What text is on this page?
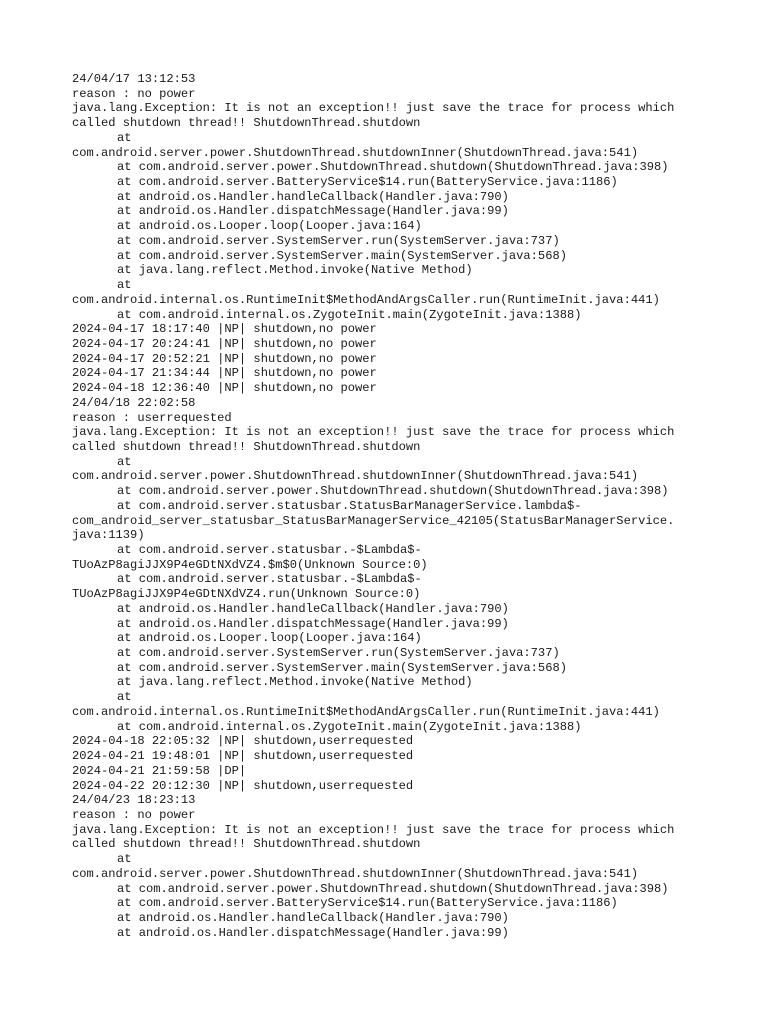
24/04/17 13:12:53
reason : no power
java.lang.Exception: It is not an exception!! just save the trace for process which
called shutdown thread!! ShutdownThread.shutdown
at
com.android.server.power.ShutdownThread.shutdownInner(ShutdownThread.java:541)
at com.android.server.power.ShutdownThread.shutdown(ShutdownThread.java:398)
at com.android.server.BatteryService$14.run(BatteryService.java:1186)
at android.os.Handler.handleCallback(Handler.java:790)
at android.os.Handler.dispatchMessage(Handler.java:99)
at android.os.Looper.loop(Looper.java:164)
at com.android.server.SystemServer.run(SystemServer.java:737)
at com.android.server.SystemServer.main(SystemServer.java:568)
at java.lang.reflect.Method.invoke(Native Method)
at
com.android.internal.os.RuntimeInit$MethodAndArgsCaller.run(RuntimeInit.java:441)
at com.android.internal.os.ZygoteInit.main(ZygoteInit.java:1388)
2024-04-17 18:17:40 |NP| shutdown,no power
2024-04-17 20:24:41 |NP| shutdown,no power
2024-04-17 20:52:21 |NP| shutdown,no power
2024-04-17 21:34:44 |NP| shutdown,no power
2024-04-18 12:36:40 |NP| shutdown,no power
24/04/18 22:02:58
reason : userrequested
java.lang.Exception: It is not an exception!! just save the trace for process which
called shutdown thread!! ShutdownThread.shutdown
at
com.android.server.power.ShutdownThread.shutdownInner(ShutdownThread.java:541)
at com.android.server.power.ShutdownThread.shutdown(ShutdownThread.java:398)
at com.android.server.statusbar.StatusBarManagerService.lambda$-
com_android_server_statusbar_StatusBarManagerService_42105(StatusBarManagerService.
java:1139)
at com.android.server.statusbar.-$Lambda$-
TUoAzP8agiJJX9P4eGDtNXdVZ4.$m$0(Unknown Source:0)
at com.android.server.statusbar.-$Lambda$-
TUoAzP8agiJJX9P4eGDtNXdVZ4.run(Unknown Source:0)
at android.os.Handler.handleCallback(Handler.java:790)
at android.os.Handler.dispatchMessage(Handler.java:99)
at android.os.Looper.loop(Looper.java:164)
at com.android.server.SystemServer.run(SystemServer.java:737)
at com.android.server.SystemServer.main(SystemServer.java:568)
at java.lang.reflect.Method.invoke(Native Method)
at
com.android.internal.os.RuntimeInit$MethodAndArgsCaller.run(RuntimeInit.java:441)
at com.android.internal.os.ZygoteInit.main(ZygoteInit.java:1388)
2024-04-18 22:05:32 |NP| shutdown,userrequested
2024-04-21 19:48:01 |NP| shutdown,userrequested
2024-04-21 21:59:58 |DP|
2024-04-22 20:12:30 |NP| shutdown,userrequested
24/04/23 18:23:13
reason : no power
java.lang.Exception: It is not an exception!! just save the trace for process which
called shutdown thread!! ShutdownThread.shutdown
at
com.android.server.power.ShutdownThread.shutdownInner(ShutdownThread.java:541)
at com.android.server.power.ShutdownThread.shutdown(ShutdownThread.java:398)
at com.android.server.BatteryService$14.run(BatteryService.java:1186)
at android.os.Handler.handleCallback(Handler.java:790)
at android.os.Handler.dispatchMessage(Handler.java:99)
